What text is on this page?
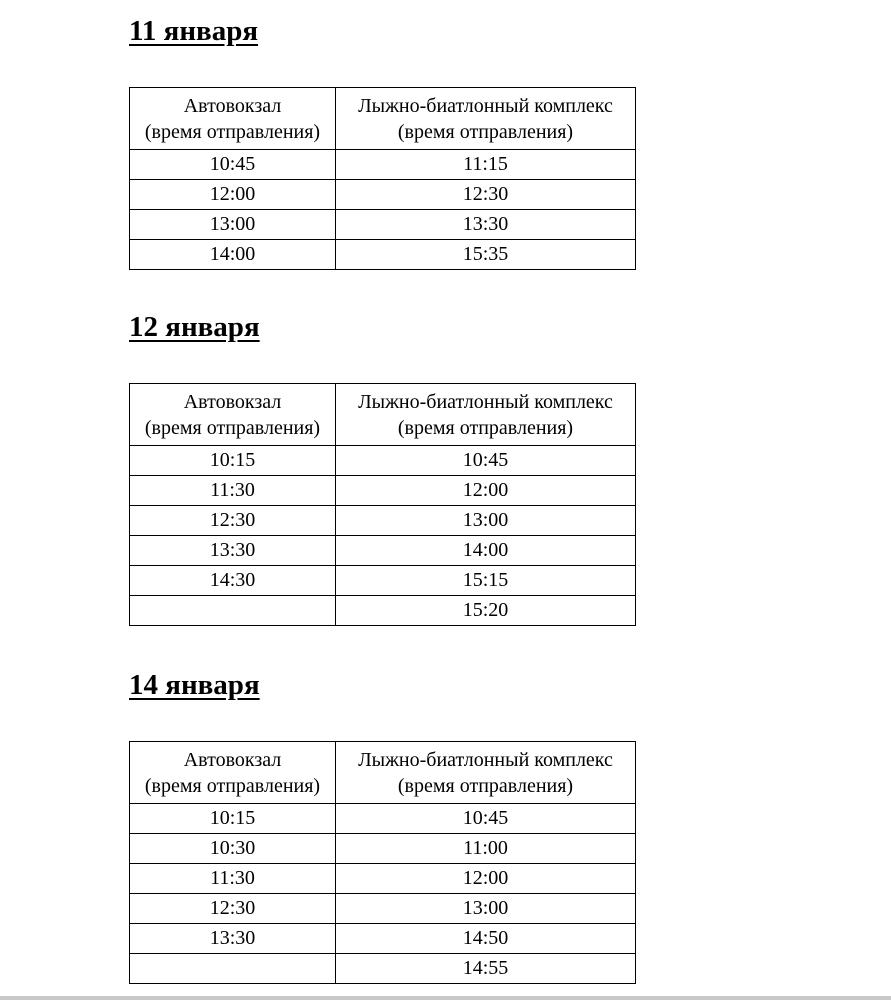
11 января
Автовокзал
(время отправления)	Лыжно-биатлонный комплекс
(время отправления)

10:45	11:15
12:00	12:30
13:00	13:30
14:00	15:35
12 января
Автовокзал
(время отправления)	Лыжно-биатлонный комплекс
(время отправления)

10:15	10:45
11:30	12:00
12:30	13:00
13:30	14:00
14:30	15:15
	15:20
14 января
Автовокзал
(время отправления)	Лыжно-биатлонный комплекс
(время отправления)

10:15	10:45
10:30	11:00
11:30	12:00
12:30	13:00
13:30	14:50
	14:55
